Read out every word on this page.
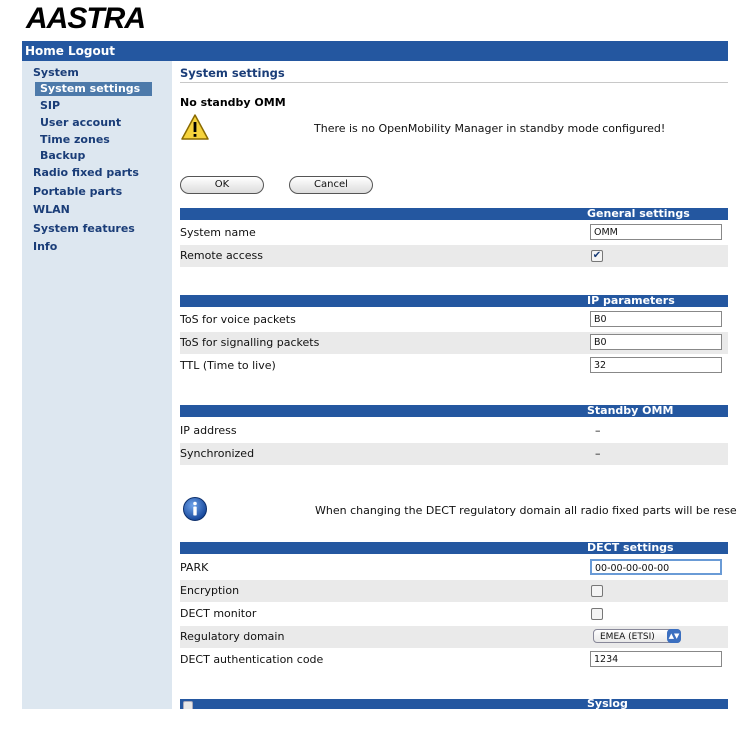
AASTRA
Home Logout
System
System settings
SIP
User account
Time zones
Backup
Radio fixed parts
Portable parts
WLAN
System features
Info
System settings
No standby OMM
There is no OpenMobility Manager in standby mode configured!
OK	Cancel
General settings
System name	OMM
Remote access	✔
IP parameters
ToS for voice packets	B0
ToS for signalling packets	B0
TTL (Time to live)	32
Standby OMM
IP address	–
Synchronized	–
When changing the DECT regulatory domain all radio fixed parts will be rese
DECT settings
PARK	00-00-00-00-00
Encryption
DECT monitor
Regulatory domain	EMEA (ETSI) ▲▼
DECT authentication code	1234
Syslog
